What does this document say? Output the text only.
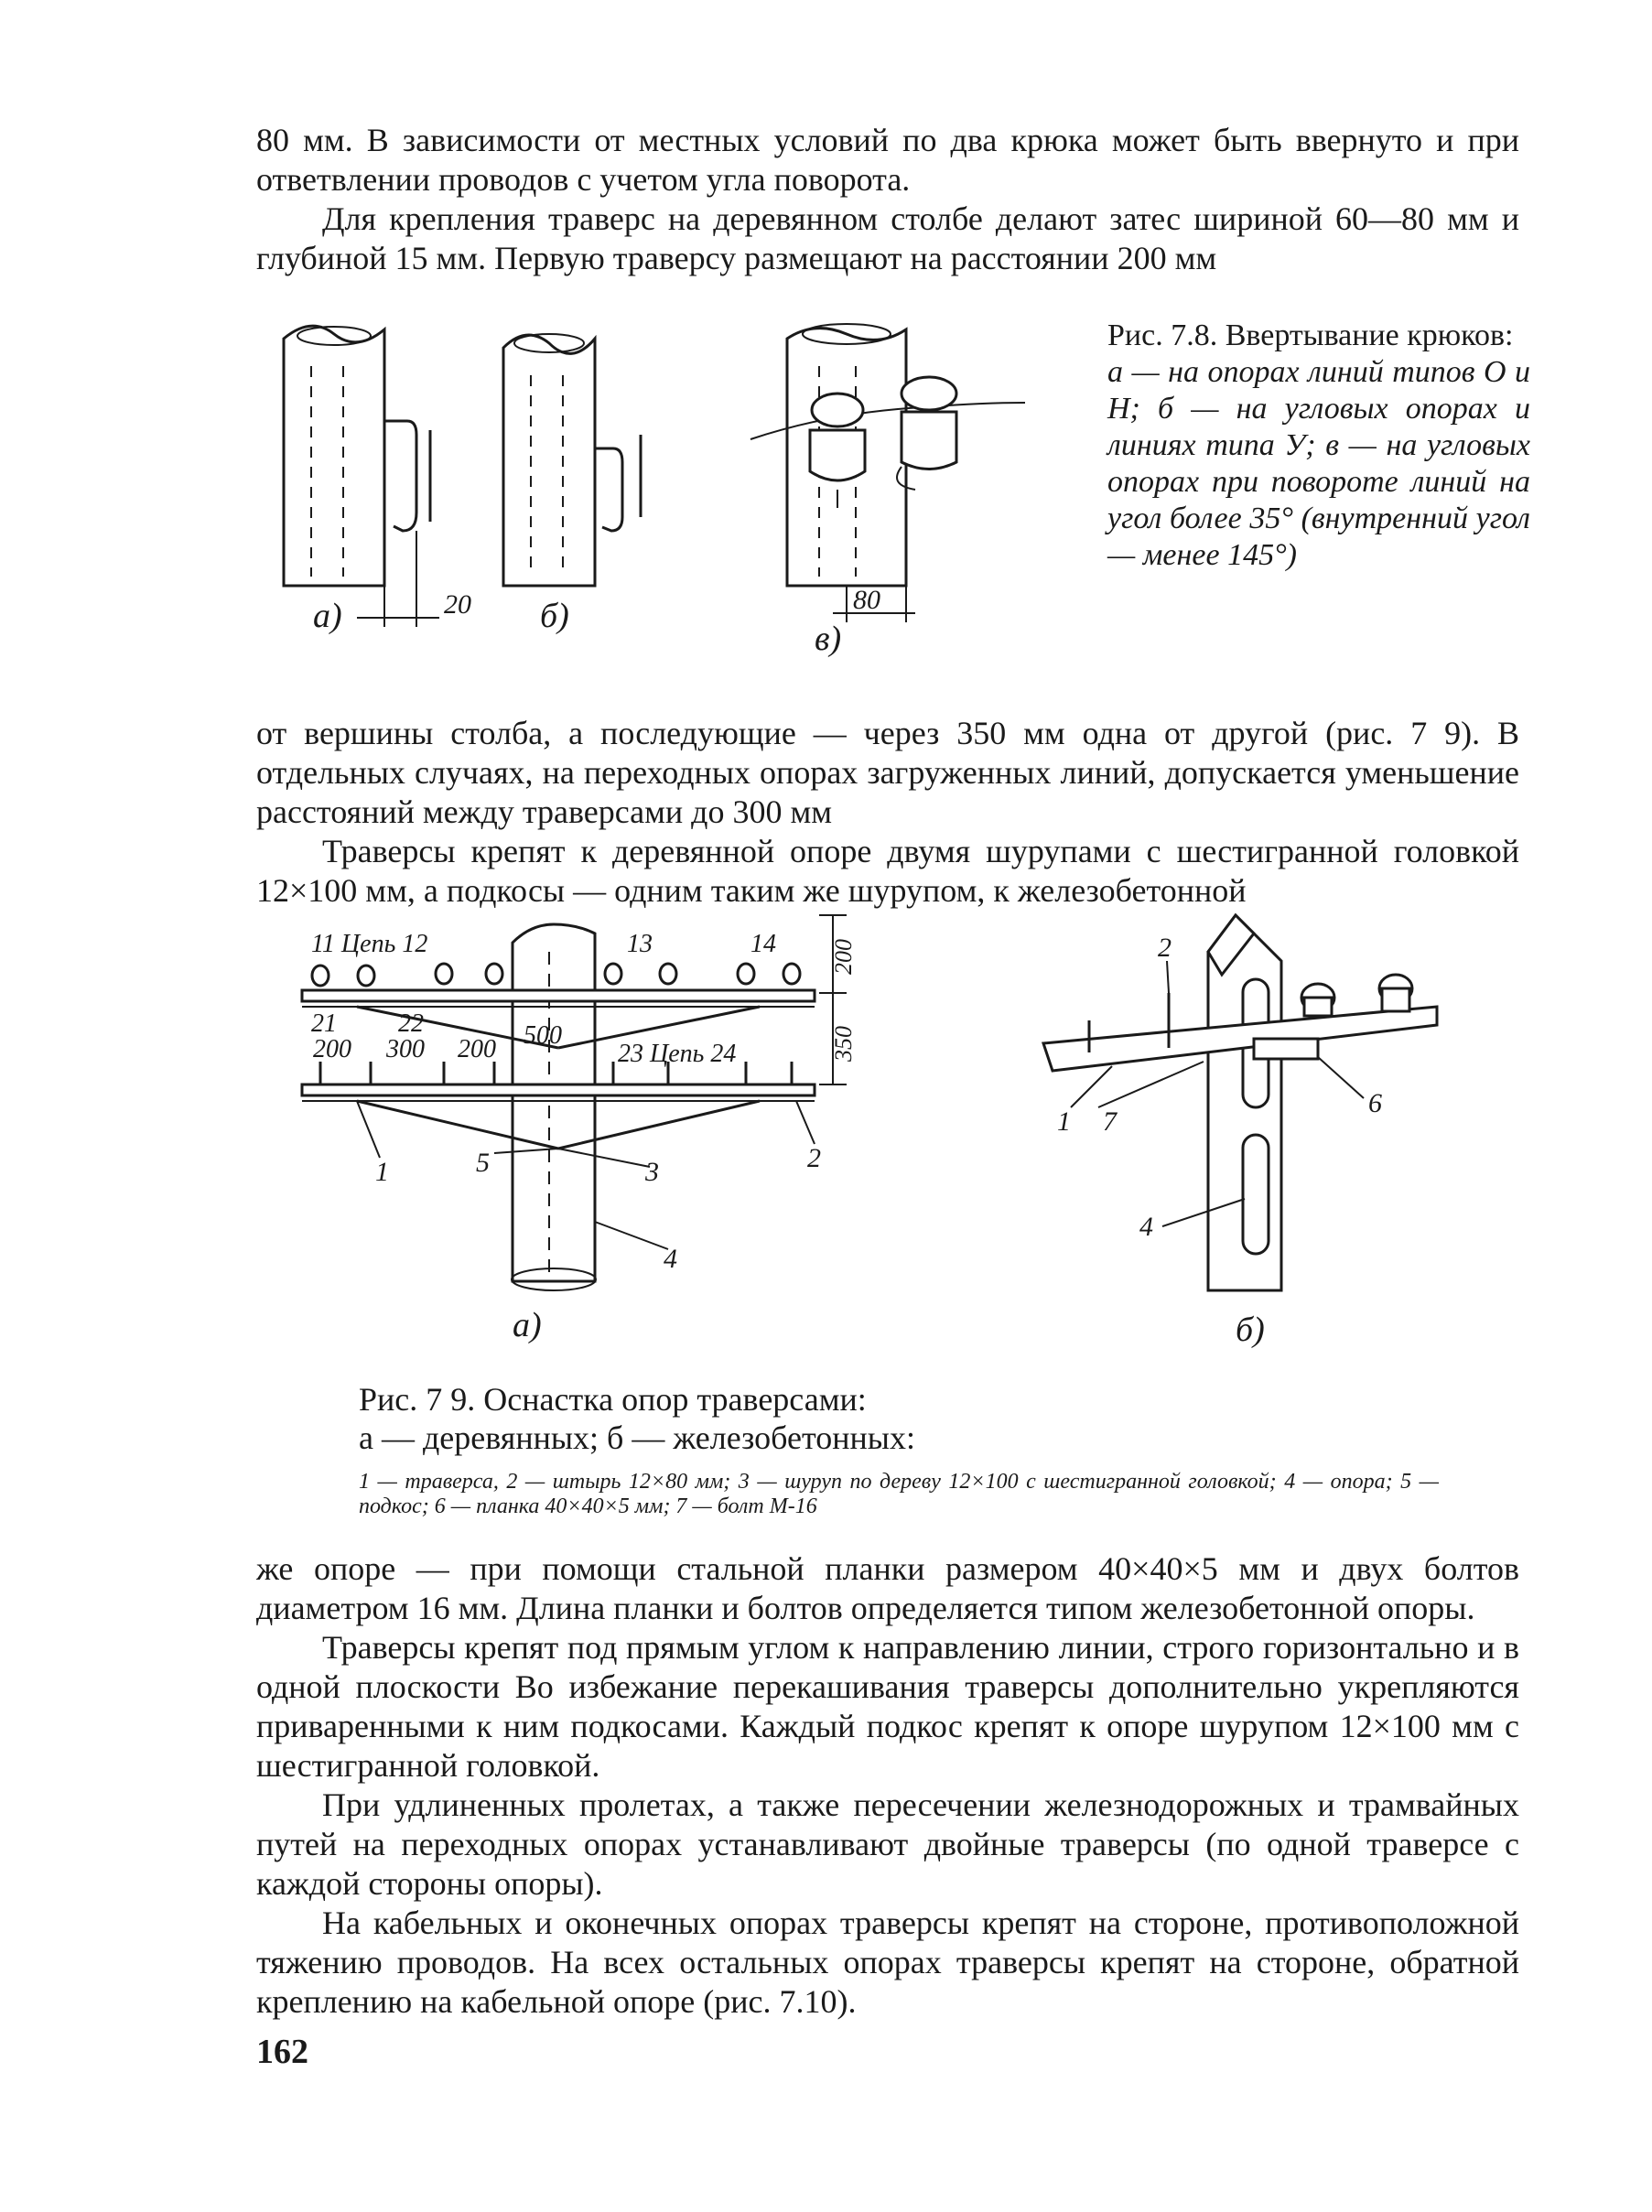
80 мм. В зависимости от местных условий по два крюка может быть ввернуто и при ответвлении проводов с учетом угла поворота.

Для крепления траверс на деревянном столбе делают затес шириной 60—80 мм и глубиной 15 мм. Первую траверсу размещают на расстоянии 200 мм

20
а)	б)	80
в)
Рис. 7.8. Ввертывание крюков:
а — на опорах линий типов О и Н; б — на угловых опорах и линиях типа У; в — на угловых опорах при повороте линий на угол более 35° (внутренний угол — менее 145°)

от вершины столба, а последующие — через 350 мм одна от другой (рис. 7 9). В отдельных случаях, на переходных опорах загруженных линий, допускается уменьшение расстояний между траверсами до 300 мм

Траверсы крепят к деревянной опоре двумя шурупами с шестигранной головкой 12×100 мм, а подкосы — одним таким же шурупом, к железобетонной

11 Цепь 12	13	14
21 22
200 300 200 500
23 Цепь 24
200
350
1	2
3
4
5
а)
1
2
4
6
7
б)
Рис. 7 9. Оснастка опор траверсами:
а — деревянных; б — железобетонных:
1 — траверса, 2 — штырь 12×80 мм; 3 — шуруп по дереву 12×100 с шестигранной головкой; 4 — опора; 5 — подкос; 6 — планка 40×40×5 мм; 7 — болт М-16

же опоре — при помощи стальной планки размером 40×40×5 мм и двух болтов диаметром 16 мм. Длина планки и болтов определяется типом железобетонной опоры.

Траверсы крепят под прямым углом к направлению линии, строго горизонтально и в одной плоскости Во избежание перекашивания траверсы дополнительно укрепляются приваренными к ним подкосами. Каждый подкос крепят к опоре шурупом 12×100 мм с шестигранной головкой.

При удлиненных пролетах, а также пересечении железнодорожных и трамвайных путей на переходных опорах устанавливают двойные траверсы (по одной траверсе с каждой стороны опоры).

На кабельных и оконечных опорах траверсы крепят на стороне, противоположной тяжению проводов. На всех остальных опорах траверсы крепят на стороне, обратной креплению на кабельной опоре (рис. 7.10).

162
